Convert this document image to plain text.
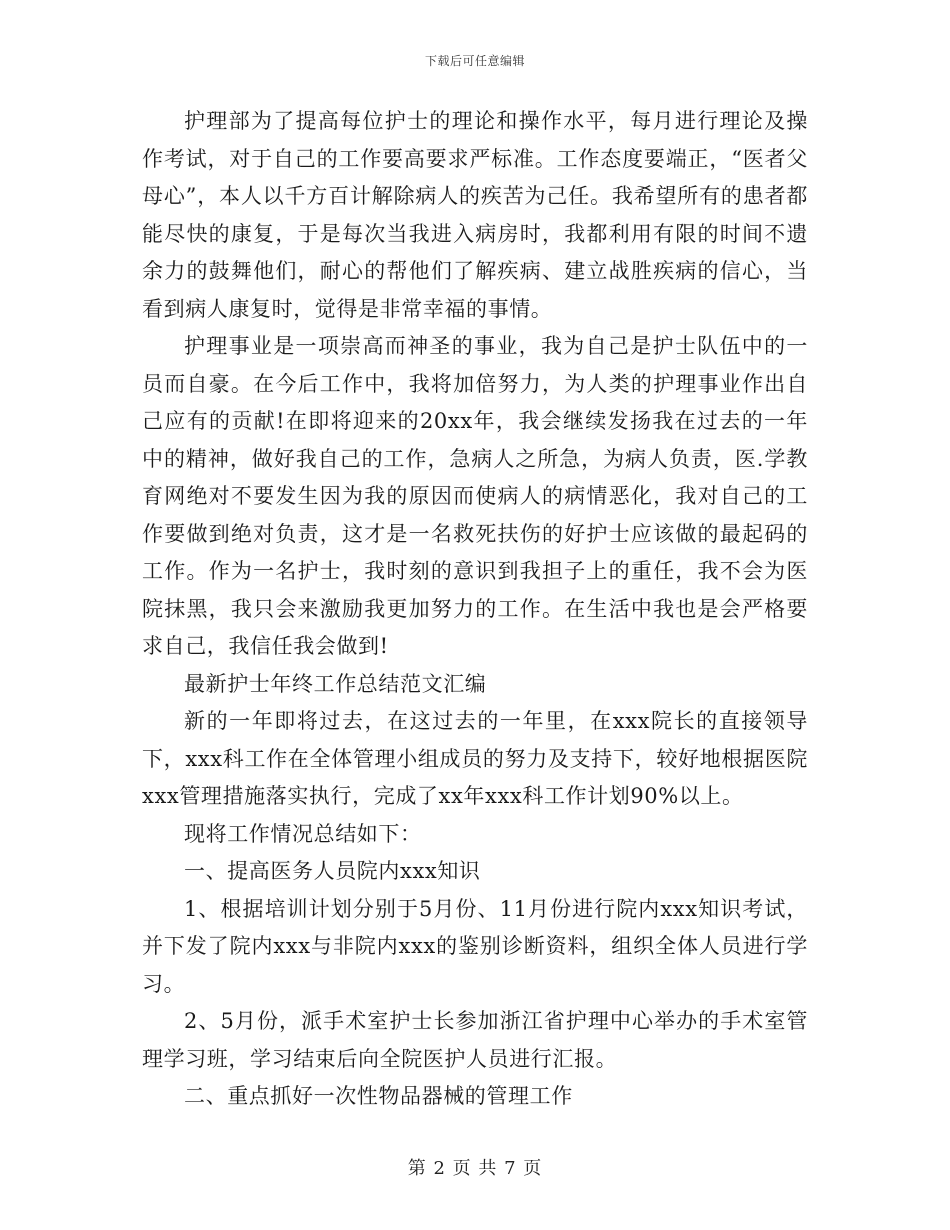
下载后可任意编辑

护理部为了提高每位护士的理论和操作水平，每月进行理论及操作考试，对于自己的工作要高要求严标准。工作态度要端正，“医者父母心”，本人以千方百计解除病人的疾苦为己任。我希望所有的患者都能尽快的康复，于是每次当我进入病房时，我都利用有限的时间不遗余力的鼓舞他们，耐心的帮他们了解疾病、建立战胜疾病的信心，当看到病人康复时，觉得是非常幸福的事情。

护理事业是一项崇高而神圣的事业，我为自己是护士队伍中的一员而自豪。在今后工作中，我将加倍努力，为人类的护理事业作出自己应有的贡献!在即将迎来的20xx年，我会继续发扬我在过去的一年中的精神，做好我自己的工作，急病人之所急，为病人负责，医.学教育网绝对不要发生因为我的原因而使病人的病情恶化，我对自己的工作要做到绝对负责，这才是一名救死扶伤的好护士应该做的最起码的工作。作为一名护士，我时刻的意识到我担子上的重任，我不会为医院抹黑，我只会来激励我更加努力的工作。在生活中我也是会严格要求自己，我信任我会做到!

最新护士年终工作总结范文汇编

新的一年即将过去，在这过去的一年里，在xxx院长的直接领导下，xxx科工作在全体管理小组成员的努力及支持下，较好地根据医院xxx管理措施落实执行，完成了xx年xxx科工作计划90%以上。

现将工作情况总结如下：

一、提高医务人员院内xxx知识

1、根据培训计划分别于5月份、11月份进行院内xxx知识考试，并下发了院内xxx与非院内xxx的鉴别诊断资料，组织全体人员进行学习。

2、5月份，派手术室护士长参加浙江省护理中心举办的手术室管理学习班，学习结束后向全院医护人员进行汇报。

二、重点抓好一次性物品器械的管理工作

第 2 页 共 7 页
